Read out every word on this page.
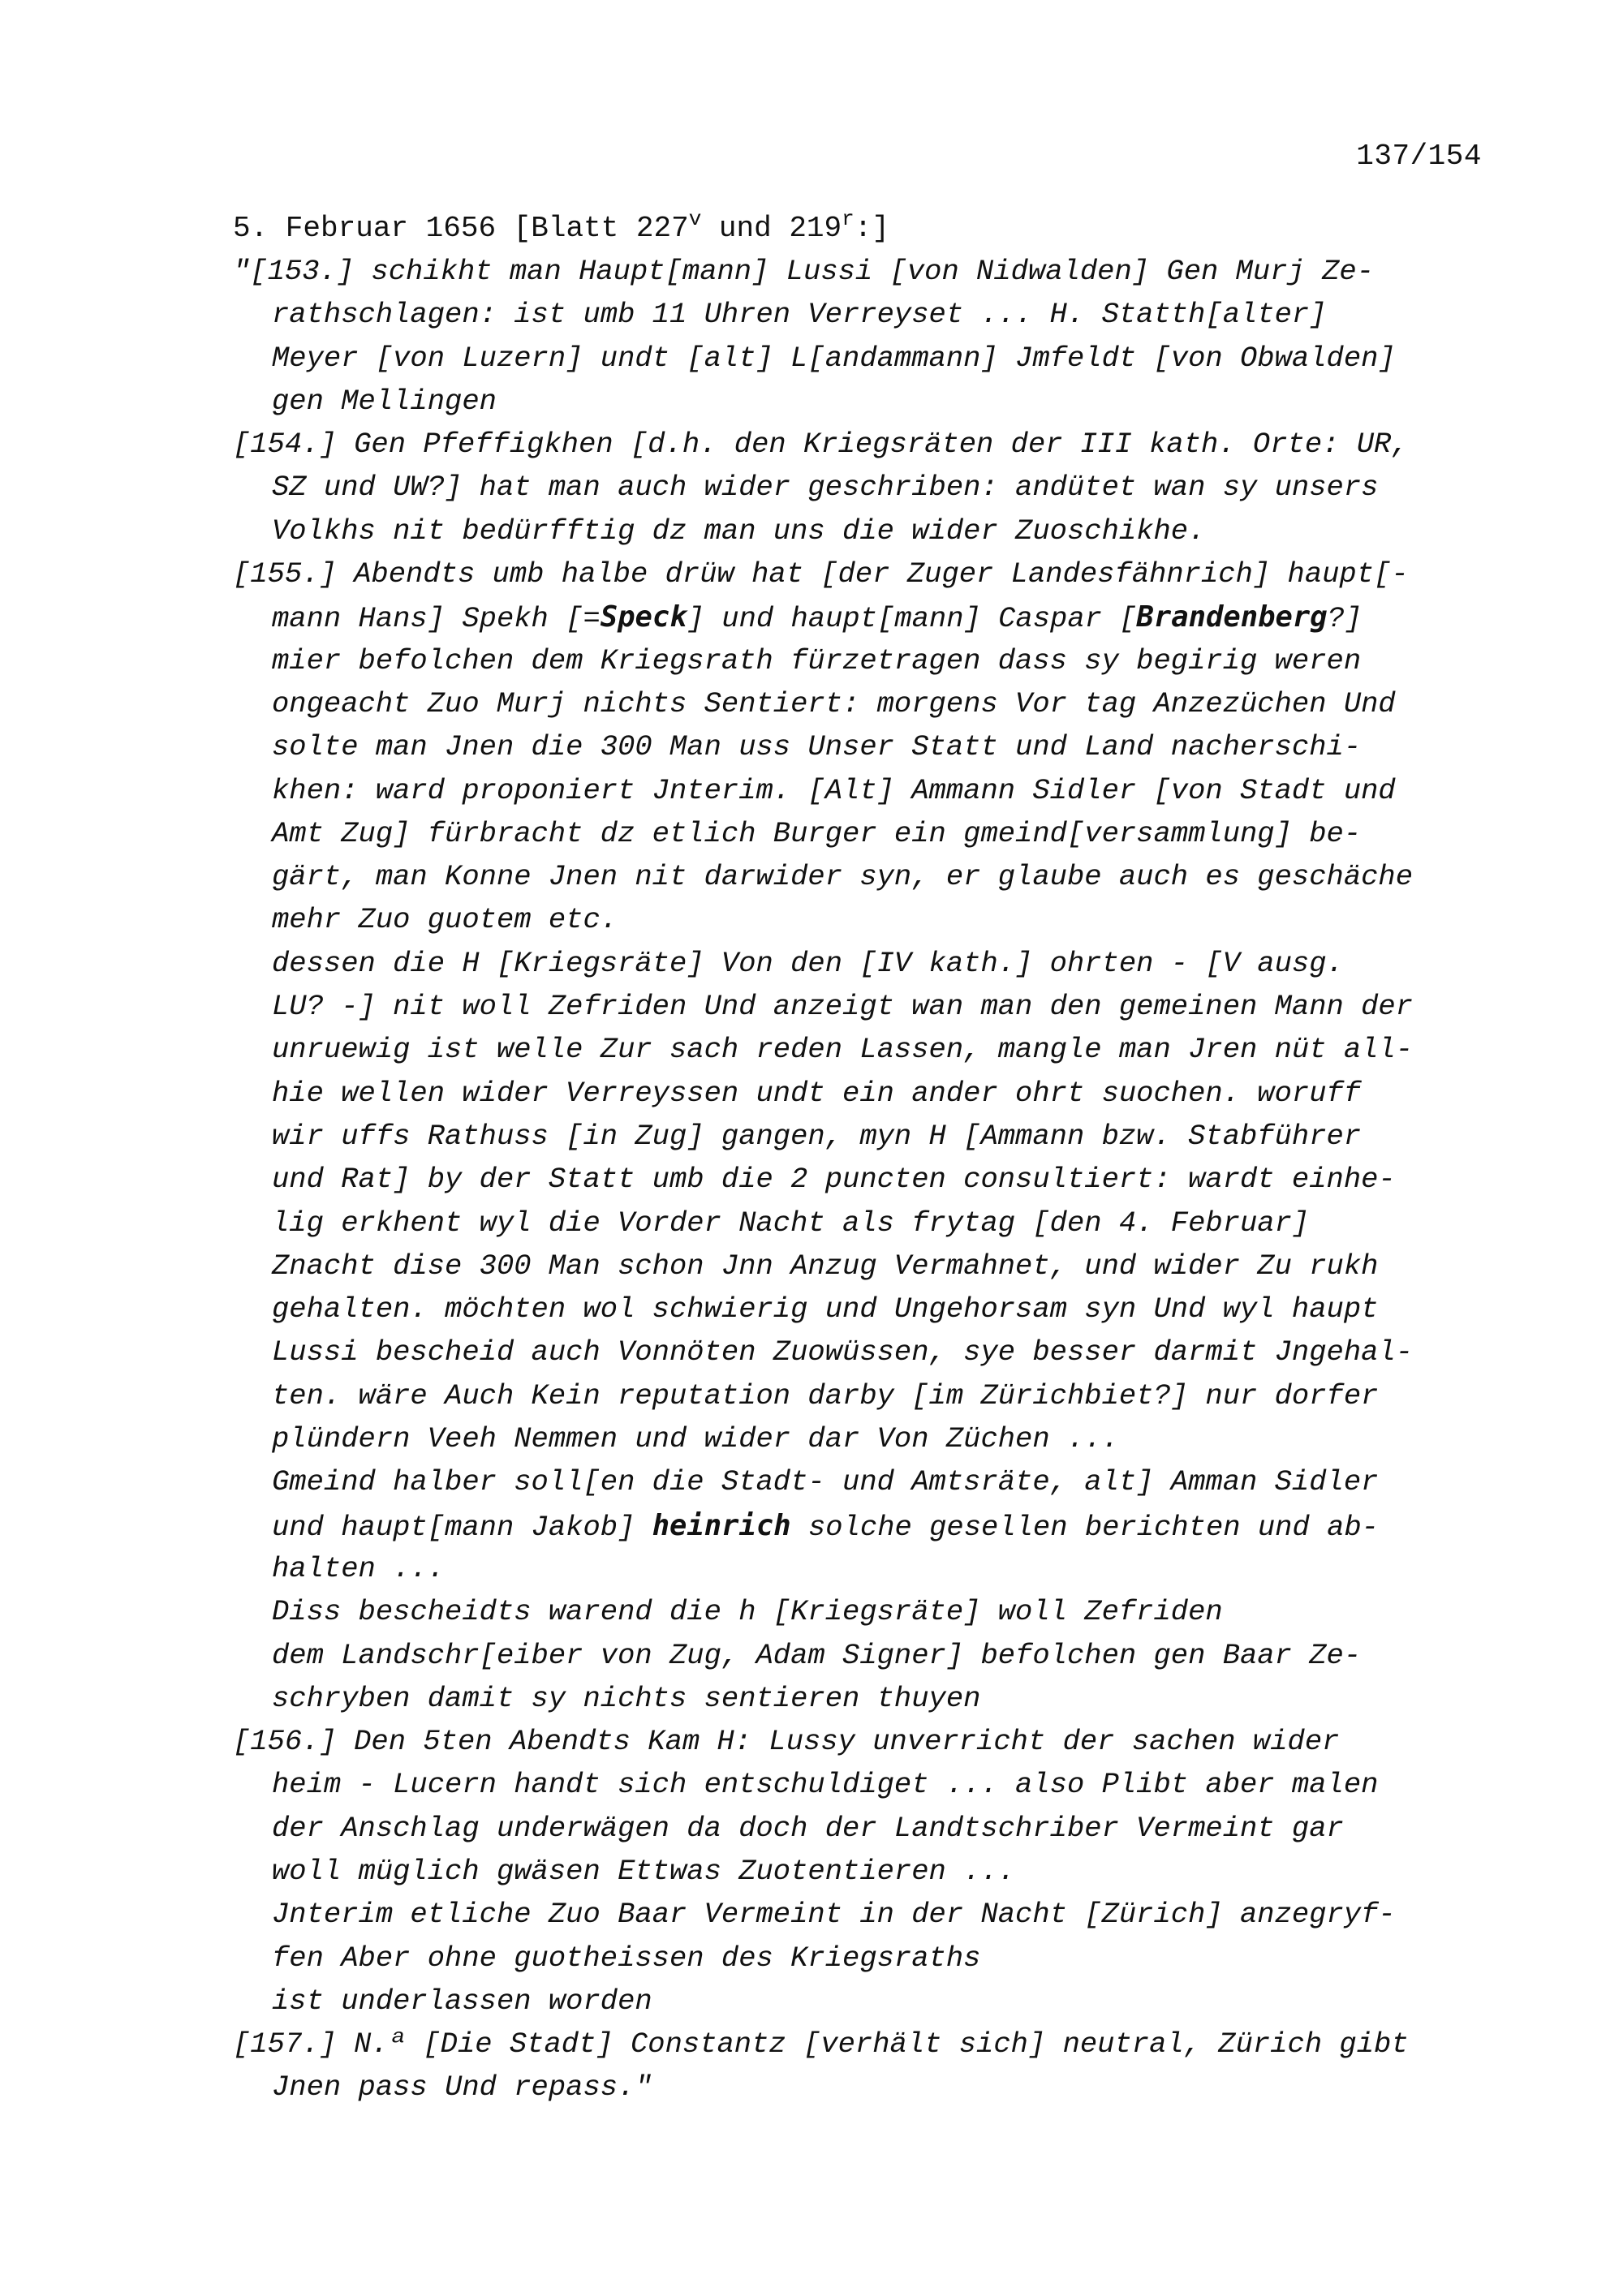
137/154
5. Februar 1656 [Blatt 227$^v$ und 219$^r$:]
"[153.] schikht man Haupt[mann] Lussi [von Nidwalden] Gen Murj Ze-
rathschlagen: ist umb 11 Uhren Verreyset ... H. Statth[alter]
Meyer [von Luzern] undt [alt] L[andammann] Jmfeldt [von Obwalden]
gen Mellingen
[154.] Gen Pfeffigkhen [d.h. den Kriegsräten der III kath. Orte: UR,
SZ und UW?] hat man auch wider geschriben: andütet wan sy unsers
Volkhs nit bedürfftig dz man uns die wider Zuoschikhe.
[155.] Abendts umb halbe drüw hat [der Zuger Landesfähnrich] haupt[-
mann Hans] Spekh [=Speck] und haupt[mann] Caspar [Brandenberg?]
mier befolchen dem Kriegsrath fürzetragen dass sy begirig weren
ongeacht Zuo Murj nichts Sentiert: morgens Vor tag Anzezüchen Und
solte man Jnen die 300 Man uss Unser Statt und Land nacherschi-
khen: ward proponiert Jnterim. [Alt] Ammann Sidler [von Stadt und
Amt Zug] fürbracht dz etlich Burger ein gmeind[versammlung] be-
gärt, man Konne Jnen nit darwider syn, er glaube auch es geschäche
mehr Zuo guotem etc.
dessen die H [Kriegsräte] Von den [IV kath.] ohrten - [V ausg.
LU? -] nit woll Zefriden Und anzeigt wan man den gemeinen Mann der
unruewig ist welle Zur sach reden Lassen, mangle man Jren nüt all-
hie wellen wider Verreyssen undt ein ander ohrt suochen. woruff
wir uffs Rathuss [in Zug] gangen, myn H [Ammann bzw. Stabführer
und Rat] by der Statt umb die 2 puncten consultiert: wardt einhe-
lig erkhent wyl die Vorder Nacht als frytag [den 4. Februar]
Znacht dise 300 Man schon Jnn Anzug Vermahnet, und wider Zu rukh
gehalten. möchten wol schwierig und Ungehorsam syn Und wyl haupt
Lussi bescheid auch Vonnöten Zuowüssen, sye besser darmit Jngehal-
ten. wäre Auch Kein reputation darby [im Zürichbiet?] nur dorfer
plündern Veeh Nemmen und wider dar Von Züchen ...
Gmeind halber soll[en die Stadt- und Amtsräte, alt] Amman Sidler
und haupt[mann Jakob] heinrich solche gesellen berichten und ab-
halten ...
Diss bescheidts warend die h [Kriegsräte] woll Zefriden
dem Landschr[eiber von Zug, Adam Signer] befolchen gen Baar Ze-
schryben damit sy nichts sentieren thuyen
[156.] Den 5ten Abendts Kam H: Lussy unverricht der sachen wider
heim - Lucern handt sich entschuldiget ... also Plibt aber malen
der Anschlag underwägen da doch der Landtschriber Vermeint gar
woll müglich gwäsen Ettwas Zuotentieren ...
Jnterim etliche Zuo Baar Vermeint in der Nacht [Zürich] anzegryf-
fen Aber ohne guotheissen des Kriegsraths
ist underlassen worden
[157.] N.ª [Die Stadt] Constantz [verhält sich] neutral, Zürich gibt
Jnen pass Und repass."
